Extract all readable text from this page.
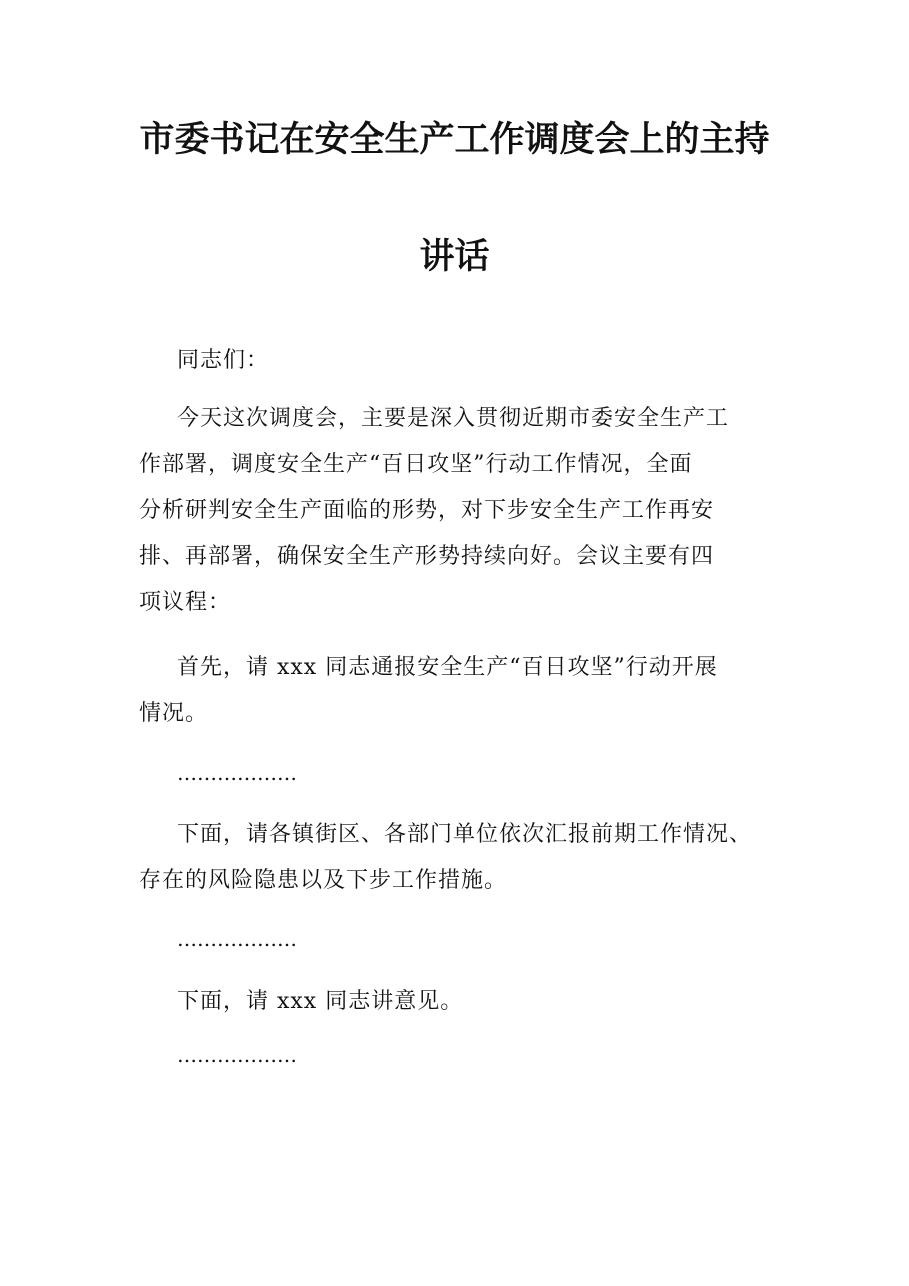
市委书记在安全生产工作调度会上的主持
讲话

同志们：

今天这次调度会，主要是深入贯彻近期市委安全生产工
作部署，调度安全生产“百日攻坚”行动工作情况，全面
分析研判安全生产面临的形势，对下步安全生产工作再安
排、再部署，确保安全生产形势持续向好。会议主要有四
项议程：

首先，请 xxx 同志通报安全生产“百日攻坚”行动开展
情况。

………………

下面，请各镇街区、各部门单位依次汇报前期工作情况、
存在的风险隐患以及下步工作措施。

………………

下面，请 xxx 同志讲意见。

………………
